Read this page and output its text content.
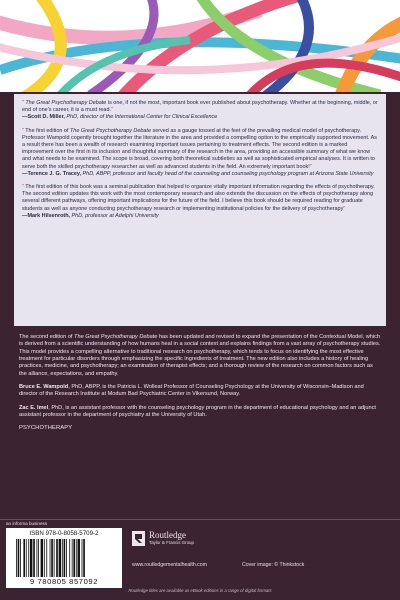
“ The Great Psychotherapy Debate is one, if not the most, important book ever published about psychotherapy. Whether at the beginning, middle, or end of one's career, it is a must read.”
—Scott D. Miller, PhD, director of the International Center for Clinical Excellence

“ The first edition of The Great Psychotherapy Debate served as a gauge tossed at the feet of the prevailing medical model of psychotherapy. Professor Wampold cogently brought together the literature in the area and provided a compelling option to the empirically supported movement. As a result there has been a wealth of research examining important issues pertaining to treatment effects. The second edition is a marked improvement over the first in its inclusion and thoughtful summary of the research in the area, providing an accessible summary of what we know and what needs to be examined. The scope is broad, covering both theoretical subtleties as well as sophisticated empirical analyses. It is written to serve both the skilled psychotherapy researcher as well as advanced students in the field. An extremely important book!”
—Terence J. G. Tracey, PhD, ABPP, professor and faculty head of the counseling and counseling psychology program at Arizona State University

“ The first edition of this book was a seminal publication that helped to organize vitally important information regarding the effects of psychotherapy. The second edition updates this work with the most contemporary research and also extends the discussion on the effects of psychotherapy along several different pathways, offering important implications for the future of the field. I believe this book should be required reading for graduate students as well as anyone conducting psychotherapy research or implementing institutional policies for the delivery of psychotherapy”
—Mark Hilsenroth, PhD, professor at Adelphi University

The second edition of The Great Psychotherapy Debate has been updated and revised to expand the presentation of the Contextual Model, which is derived from a scientific understanding of how humans heal in a social context and explains findings from a vast array of psychotherapy studies. This model provides a compelling alternative to traditional research on psychotherapy, which tends to focus on identifying the most effective treatment for particular disorders through emphasizing the specific ingredients of treatment. The new edition also includes a history of healing practices, medicine, and psychotherapy; an examination of therapist effects; and a thorough review of the research on common factors such as the alliance, expectations, and empathy.

Bruce E. Wampold, PhD, ABPP, is the Patricia L. Wolleat Professor of Counseling Psychology at the University of Wisconsin–Madison and director of the Research Institute at Modum Bad Psychiatric Center in Vikersund, Norway.

Zac E. Imel, PhD, is an assistant professor with the counseling psychology program in the department of educational psychology and an adjunct assistant professor in the department of psychiatry at the University of Utah.

PSYCHOTHERAPY

an informa business
ISBN 978-0-8058-5709-2
9 780805 857092
Routledge
Taylor & Francis Group
www.routledgementalhealth.com	Cover image: © Thinkstock
Routledge titles are available as eBook editions in a range of digital formats
